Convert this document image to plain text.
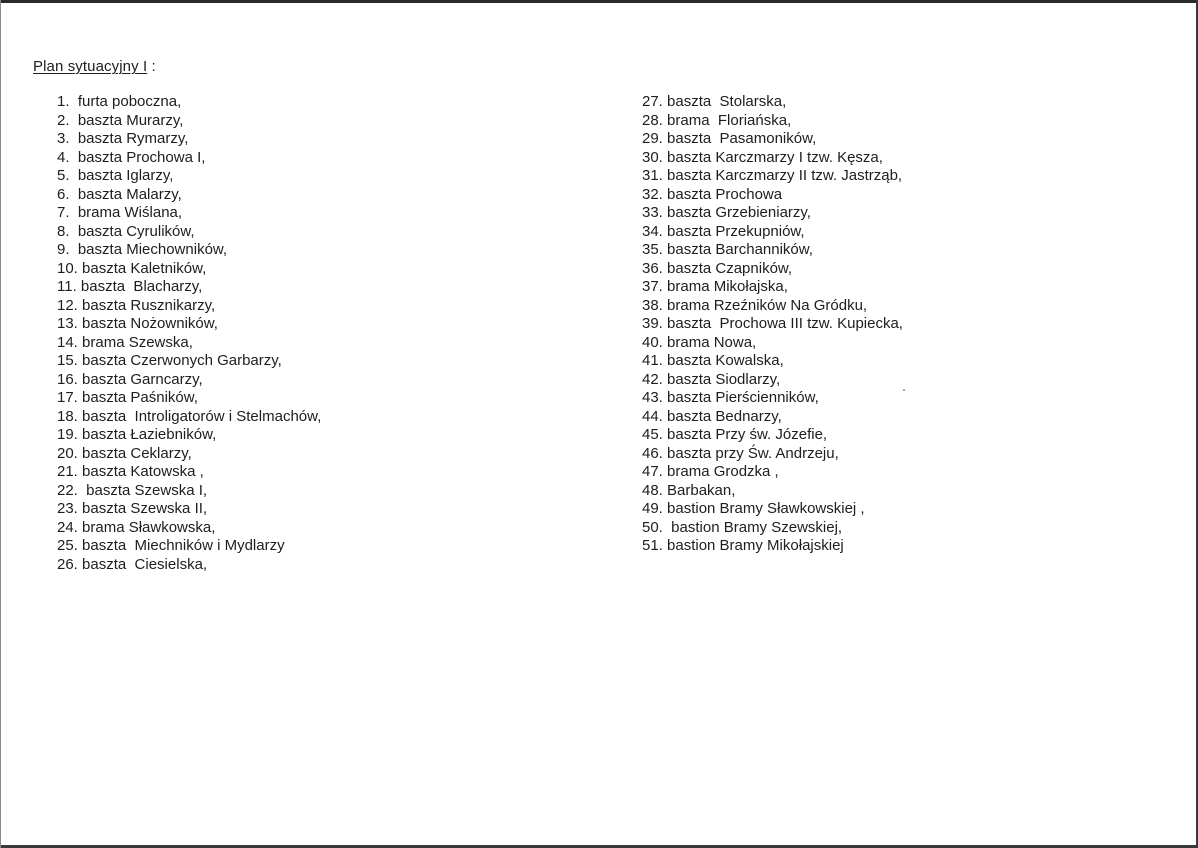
Plan sytuacyjny I :
1.  furta poboczna,
2.  baszta Murarzy,
3.  baszta Rymarzy,
4.  baszta Prochowa I,
5.  baszta Iglarzy,
6.  baszta Malarzy,
7.  brama Wiślana,
8.  baszta Cyrulików,
9.  baszta Miechowników,
10. baszta Kaletników,
11. baszta  Blacharzy,
12. baszta Rusznikarzy,
13. baszta Nożowników,
14. brama Szewska,
15. baszta Czerwonych Garbarzy,
16. baszta Garncarzy,
17. baszta Paśników,
18. baszta  Introligatorów i Stelmachów,
19. baszta Łaziebników,
20. baszta Ceklarzy,
21. baszta Katowska ,
22.  baszta Szewska I,
23. baszta Szewska II,
24. brama Sławkowska,
25. baszta  Miechników i Mydlarzy
26. baszta  Ciesielska,
27. baszta  Stolarska,
28. brama  Floriańska,
29. baszta  Pasamoników,
30. baszta Karczmarzy I tzw. Kęsza,
31. baszta Karczmarzy II tzw. Jastrząb,
32. baszta Prochowa
33. baszta Grzebieniarzy,
34. baszta Przekupniów,
35. baszta Barchanników,
36. baszta Czapników,
37. brama Mikołajska,
38. brama Rzeźników Na Gródku,
39. baszta  Prochowa III tzw. Kupiecka,
40. brama Nowa,
41. baszta Kowalska,
42. baszta Siodlarzy,
43. baszta Pierścienników,
44. baszta Bednarzy,
45. baszta Przy św. Józefie,
46. baszta przy Św. Andrzeju,
47. brama Grodzka ,
48. Barbakan,
49. bastion Bramy Sławkowskiej ,
50.  bastion Bramy Szewskiej,
51. bastion Bramy Mikołajskiej
